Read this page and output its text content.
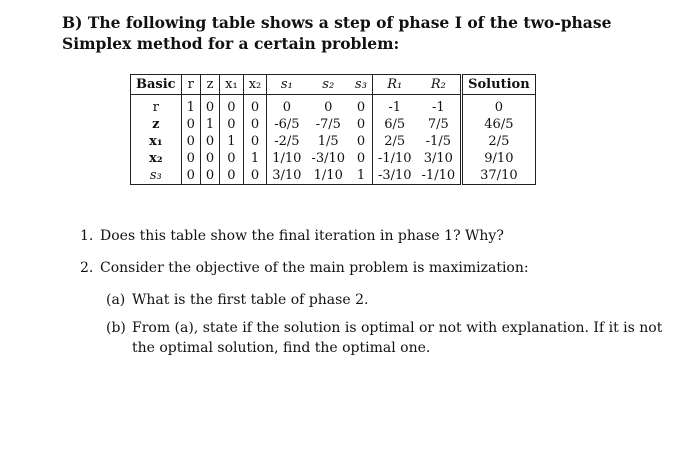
B) The following table shows a step of phase I of the two-phase Simplex method for a certain problem:
Basic	r	z	x₁	x₂	s₁	s₂	s₃	R₁	R₂	Solution
r	1	0	0	0	0	0	0	-1	-1	0
z	0	1	0	0	-6/5	-7/5	0	6/5	7/5	46/5
x₁	0	0	1	0	-2/5	1/5	0	2/5	-1/5	2/5
x₂	0	0	0	1	1/10	-3/10	0	-1/10	3/10	9/10
s₃	0	0	0	0	3/10	1/10	1	-3/10	-1/10	37/10
1. Does this table show the final iteration in phase 1? Why?
2. Consider the objective of the main problem is maximization:
(a) What is the first table of phase 2.
(b) From (a), state if the solution is optimal or not with explanation. If it is not the optimal solution, find the optimal one.
